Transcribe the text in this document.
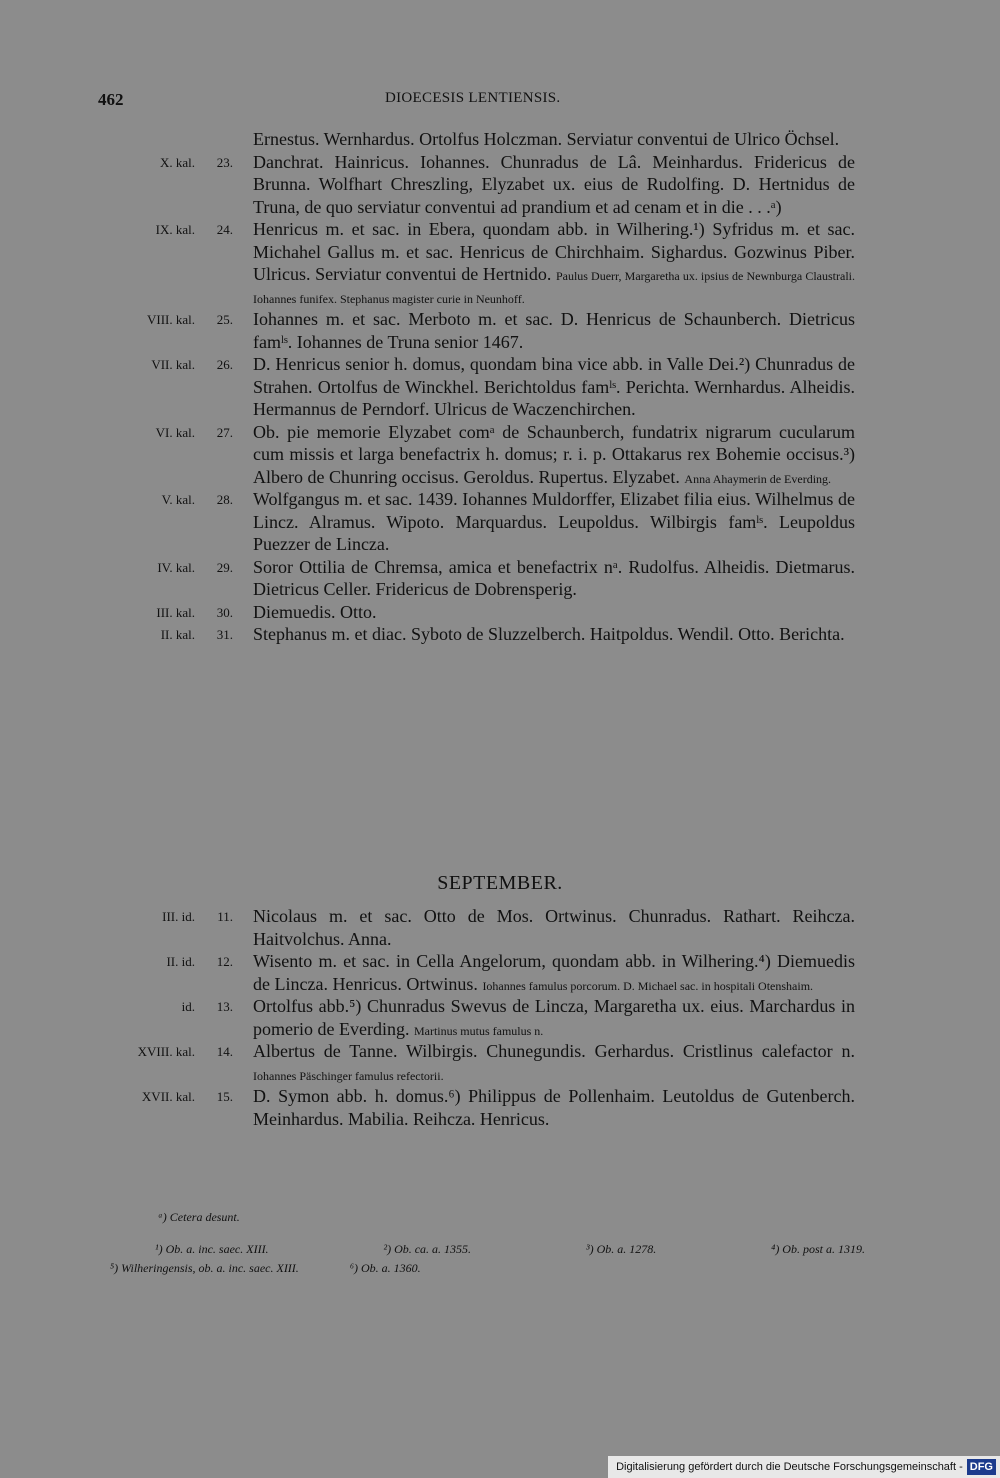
462	DIOECESIS LENTIENSIS.
Ernestus. Wernhardus. Ortolfus Holczman. Serviatur conventui de Ulrico Öchsel.
X. kal.	23. Danchrat. Hainricus. Iohannes. Chunradus de Lâ. Meinhardus. Fridericus de Brunna. Wolfhart Chreszling, Elyzabet ux. eius de Rudolfing. D. Hertnidus de Truna, de quo serviatur conventui ad prandium et ad cenam et in die . . .ᵃ)
IX. kal.	24. Henricus m. et sac. in Ebera, quondam abb. in Wilhering.¹) Syfridus m. et sac. Michahel Gallus m. et sac. Henricus de Chirchhaim. Sighardus. Gozwinus Piber. Ulricus. Serviatur conventui de Hertnido. Paulus Duerr, Margaretha ux. ipsius de Newnburga Claustrali. Iohannes funifex. Stephanus magister curie in Neunhoff.
VIII. kal.	25. Iohannes m. et sac. Merboto m. et sac. D. Henricus de Schaunberch. Dietricus famˡˢ. Iohannes de Truna senior 1467.
VII. kal.	26. D. Henricus senior h. domus, quondam bina vice abb. in Valle Dei.²) Chunradus de Strahen. Ortolfus de Winckhel. Berichtoldus famˡˢ. Perichta. Wernhardus. Alheidis. Hermannus de Perndorf. Ulricus de Waczenchirchen.
VI. kal.	27. Ob. pie memorie Elyzabet comᵃ de Schaunberch, fundatrix nigrarum cucularum cum missis et larga benefactrix h. domus; r. i. p. Ottakarus rex Bohemie occisus.³) Albero de Chunring occisus. Geroldus. Rupertus. Elyzabet. Anna Ahaymerin de Everding.
V. kal.	28. Wolfgangus m. et sac. 1439. Iohannes Muldorffer, Elizabet filia eius. Wilhelmus de Lincz. Alramus. Wipoto. Marquardus. Leupoldus. Wilbirgis famˡˢ. Leupoldus Puezzer de Lincza.
IV. kal.	29. Soror Ottilia de Chremsa, amica et benefactrix nᵃ. Rudolfus. Alheidis. Dietmarus. Dietricus Celler. Fridericus de Dobrensperig.
III. kal.	30. Diemuedis. Otto.
II. kal.	31. Stephanus m. et diac. Syboto de Sluzzelberch. Haitpoldus. Wendil. Otto. Berichta.
SEPTEMBER.
III. id.	11. Nicolaus m. et sac. Otto de Mos. Ortwinus. Chunradus. Rathart. Reihcza. Haitvolchus. Anna.
II. id.	12. Wisento m. et sac. in Cella Angelorum, quondam abb. in Wilhering.⁴) Diemuedis de Lincza. Henricus. Ortwinus. Iohannes famulus porcorum. D. Michael sac. in hospitali Otenshaim.
id.	13. Ortolfus abb.⁵) Chunradus Swevus de Lincza, Margaretha ux. eius. Marchardus in pomerio de Everding. Martinus mutus famulus n.
XVIII. kal.	14. Albertus de Tanne. Wilbirgis. Chunegundis. Gerhardus. Cristlinus calefactor n. Iohannes Päschinger famulus refectorii.
XVII. kal.	15. D. Symon abb. h. domus.⁶) Philippus de Pollenhaim. Leutoldus de Gutenberch. Meinhardus. Mabilia. Reihcza. Henricus.
ᵃ) Cetera desunt.
¹) Ob. a. inc. saec. XIII.	²) Ob. ca. a. 1355.	³) Ob. a. 1278.	⁴) Ob. post a. 1319.
⁵) Wilheringensis, ob. a. inc. saec. XIII.	⁶) Ob. a. 1360.
Digitalisierung gefördert durch die Deutsche Forschungsgemeinschaft - DFG
